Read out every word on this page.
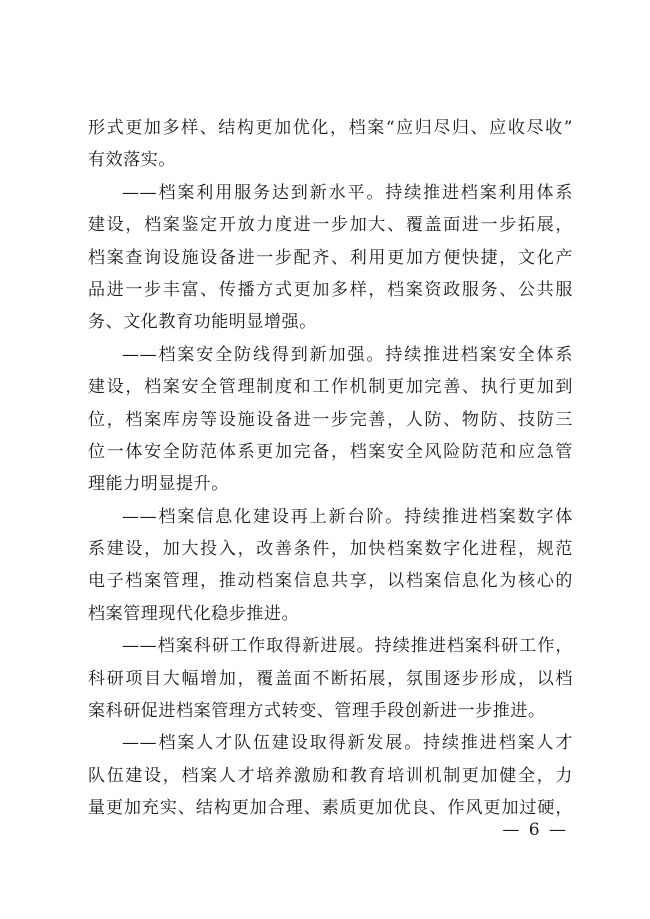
形式更加多样、结构更加优化，档案“应归尽归、应收尽收”
有效落实。
——档案利用服务达到新水平。持续推进档案利用体系
建设，档案鉴定开放力度进一步加大、覆盖面进一步拓展，
档案查询设施设备进一步配齐、利用更加方便快捷，文化产
品进一步丰富、传播方式更加多样，档案资政服务、公共服
务、文化教育功能明显增强。
——档案安全防线得到新加强。持续推进档案安全体系
建设，档案安全管理制度和工作机制更加完善、执行更加到
位，档案库房等设施设备进一步完善，人防、物防、技防三
位一体安全防范体系更加完备，档案安全风险防范和应急管
理能力明显提升。
——档案信息化建设再上新台阶。持续推进档案数字体
系建设，加大投入，改善条件，加快档案数字化进程，规范
电子档案管理，推动档案信息共享，以档案信息化为核心的
档案管理现代化稳步推进。
——档案科研工作取得新进展。持续推进档案科研工作，
科研项目大幅增加，覆盖面不断拓展，氛围逐步形成，以档
案科研促进档案管理方式转变、管理手段创新进一步推进。
——档案人才队伍建设取得新发展。持续推进档案人才
队伍建设，档案人才培养激励和教育培训机制更加健全，力
量更加充实、结构更加合理、素质更加优良、作风更加过硬，
— 6 —
